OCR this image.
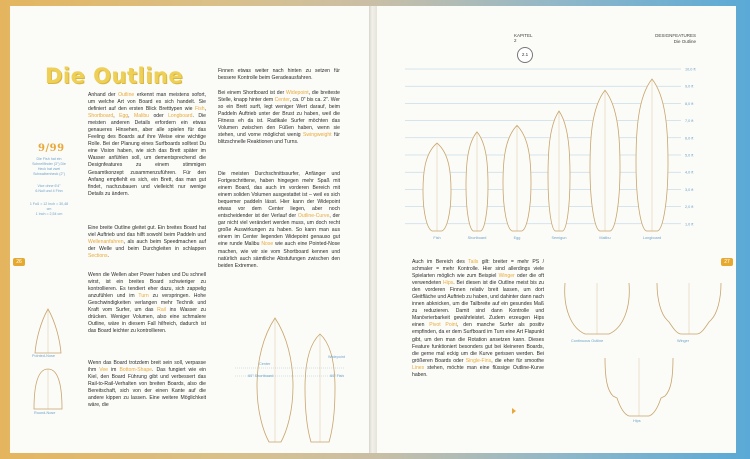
26
Die Outline
9/99
Die Fish hat ein Schnellfinder (3") Die Heck hat zwei Schwalbenheck (2")
Vice ohne 6'4"
6.Null und 4 Finn
1 Fuß = 12 Inch = 30,48 cm
1 Inch = 2,54 cm
Anhand der Outline erkennt man meistens sofort, um welche Art von Board es sich handelt. Sie definiert auf den ersten Blick Bretttypen wie Fish, Shortboard, Egg, Malibu oder Longboard. Die meisten anderen Details erfordern ein etwas genaueres Hinsehen, aber alle spielen für das Feeling des Boards auf ihre Weise eine wichtige Rolle. Bei der Planung eines Surfboards solltest Du eine Vision haben, wie sich das Brett später im Wasser anfühlen soll, um dementsprechend die Designfeatures zu einem stimmigen Gesamtkonzept zusammenzuführen. Für den Anfang empfiehlt es sich, ein Brett, das man gut findet, nachzubauen und vielleicht nur wenige Details zu ändern.
Eine breite Outline gleitet gut. Ein breites Board hat viel Auftrieb und das hilft sowohl beim Paddeln und Wellenanfahren, als auch beim Speedmachen auf der Welle und beim Durchgleiten in schlappen Sections.
Wenn die Wellen aber Power haben und Du schnell wirst, ist ein breites Board schwieriger zu kontrollieren. Es tendiert eher dazu, sich zappelig anzufühlen und im Turn zu verspringen. Hohe Geschwindigkeiten verlangen mehr Technik und Kraft vom Surfer, um das Rail ins Wasser zu drücken. Weniger Volumen, also eine schmalere Outline, wäre in diesem Fall hilfreich, dadurch ist das Board leichter zu kontrollieren.
Wenn das Board trotzdem breit sein soll, verpasse ihm Vee im Bottom-Shape. Das fungiert wie ein Kiel, den Board Führung gibt und verbessert das Rail-to-Rail-Verhalten von breiten Boards, also die Bereitschaft, sich von der einen Kante auf die andere kippen zu lassen. Eine weitere Möglichkeit wäre, die
Finnen etwas weiter nach hinten zu setzen für bessere Kontrolle beim Geradeausfahren.
Bei einem Shortboard ist der Widepoint, die breiteste Stelle, knapp hinter dem Center, ca. 0" bis ca. 2". Wer so ein Brett surft, legt weniger Wert darauf, beim Paddeln Auftrieb unter der Brust zu haben, weil die Fitness eh da ist. Radikale Surfer möchten das Volumen zwischen den Füßen haben, wenn sie stehen, und vorne möglichst wenig Swingweight für blitzschnelle Reaktionen und Turns.
Die meisten Durchschnittssurfer, Anfänger und Fortgeschrittene, haben hingegen mehr Spaß mit einem Board, das auch im vorderen Bereich mit einem soliden Volumen ausgestattet ist – weil es sich bequemer paddeln lässt. Hier kann der Widepoint etwas vor dem Center liegen, aber noch entscheidender ist der Verlauf der Outline-Curve, der gar nicht viel verändert werden muss, um doch recht große Auswirkungen zu haben. So kann man aus einem im Center liegenden Widepoint genauso gut eine runde Malibu Nose wie auch eine Pointed-Nose machen, wie wir sie vom Shortboard kennen und natürlich auch sämtliche Abstufungen zwischen den beiden Extremen.
Pointed-Nose
Round-Nose
Center
Widepoint
60" Shortboard	60" Fish
27
KAPITEL
2
2.1
DESIGNFEATURES
Die Outline
10,0 ft
9,0 ft
8,0 ft
7,0 ft
6,0 ft
5,0 ft
4,0 ft
3,0 ft
2,0 ft
1,0 ft
Fish	Shortboard	Egg	Semigun	Malibu	Longboard
Auch im Bereich des Tails gilt: breiter = mehr PS / schmaler = mehr Kontrolle. Hier sind allerdings viele Spielarten möglich wie zum Beispiel Winger oder die oft verwendeten Hips. Bei diesen ist die Outline meist bis zu den vorderen Finnen relativ breit lassen, um dort Gleitfläche und Auftrieb zu haben, und dahinter dann nach innen abknicken, um die Tailbreite auf ein gesundes Maß zu reduzieren. Damit sind dann Kontrolle und Manövrierbarkeit gewährleistet. Zudem erzeugen Hips einen Pivot Point, den manche Surfer als positiv empfinden, da er dem Surfboard im Turn eine Art Flapunkt gibt, um den man die Rotation ansetzen kann. Dieses Feature funktioniert besonders gut bei kleineren Boards, die gerne mal eckig um die Kurve gerissen werden. Bei größeren Boards oder Single-Fins, die eher für smoothe Lines stehen, möchte man eine flüssige Outline-Kurve haben.
Continuous Outline	Winger
Hips
